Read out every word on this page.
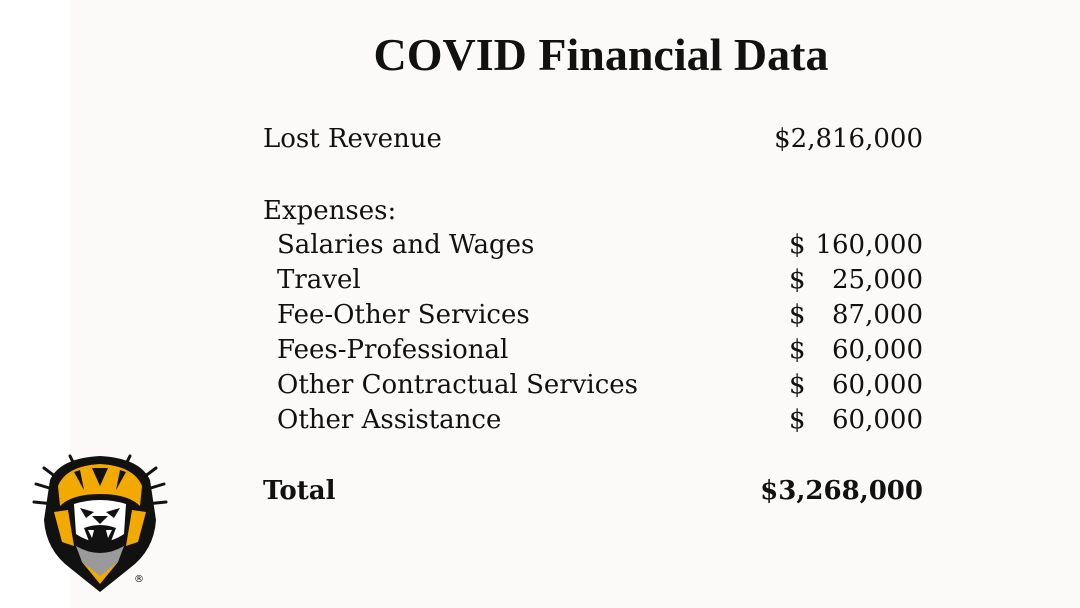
COVID Financial Data
Lost Revenue	$2,816,000
Expenses:
Salaries and Wages	$ 160,000
Travel	$ 25,000
Fee-Other Services	$ 87,000
Fees-Professional	$ 60,000
Other Contractual Services	$ 60,000
Other Assistance	$ 60,000
Total	$3,268,000
®
